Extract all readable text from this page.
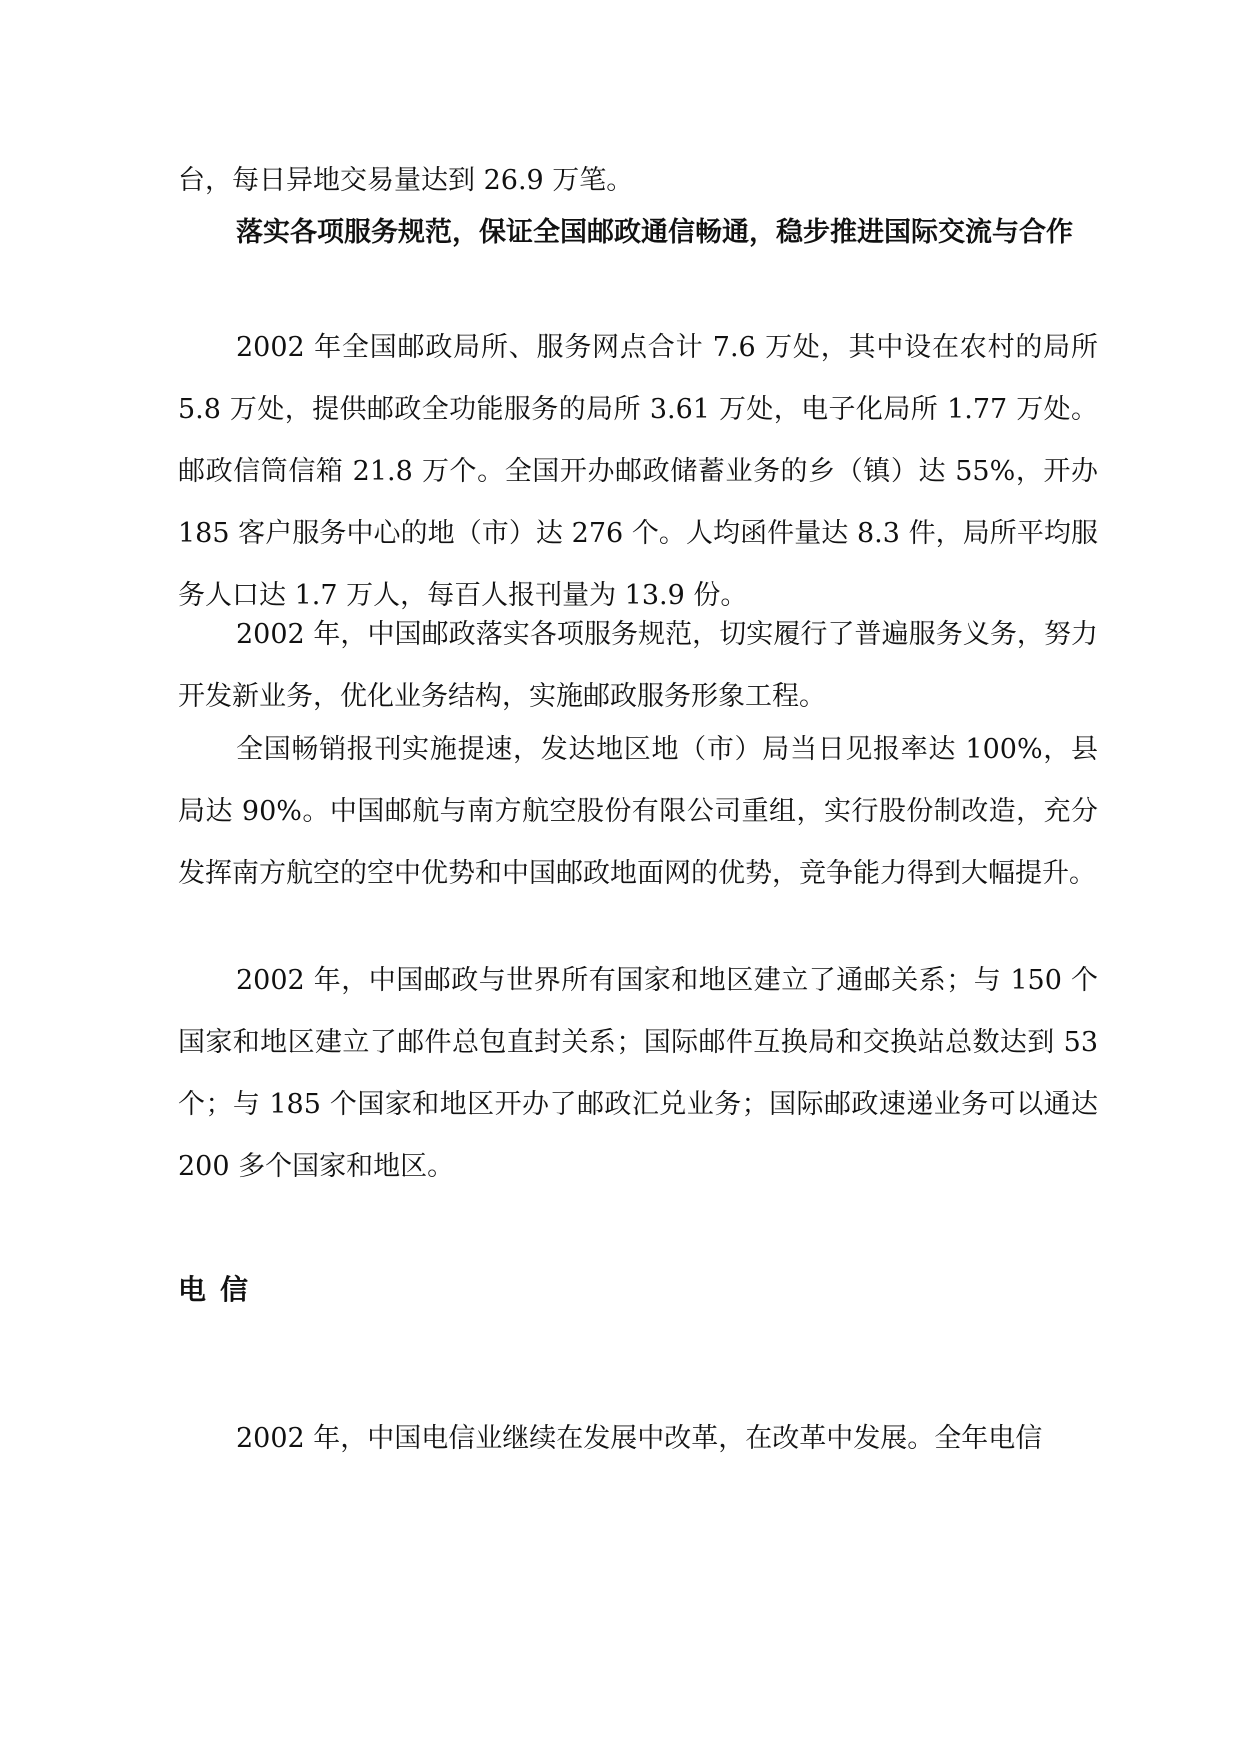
台，每日异地交易量达到 26.9 万笔。

落实各项服务规范，保证全国邮政通信畅通，稳步推进国际交流与合作

2002 年全国邮政局所、服务网点合计 7.6 万处，其中设在农村的局所 5.8 万处，提供邮政全功能服务的局所 3.61 万处，电子化局所 1.77 万处。邮政信筒信箱 21.8 万个。全国开办邮政储蓄业务的乡（镇）达 55%，开办 185 客户服务中心的地（市）达 276 个。人均函件量达 8.3 件，局所平均服务人口达 1.7 万人，每百人报刊量为 13.9 份。

2002 年，中国邮政落实各项服务规范，切实履行了普遍服务义务，努力开发新业务，优化业务结构，实施邮政服务形象工程。

全国畅销报刊实施提速，发达地区地（市）局当日见报率达 100%，县局达 90%。中国邮航与南方航空股份有限公司重组，实行股份制改造，充分发挥南方航空的空中优势和中国邮政地面网的优势，竞争能力得到大幅提升。

2002 年，中国邮政与世界所有国家和地区建立了通邮关系；与 150 个国家和地区建立了邮件总包直封关系；国际邮件互换局和交换站总数达到 53 个；与 185 个国家和地区开办了邮政汇兑业务；国际邮政速递业务可以通达 200 多个国家和地区。

电信

2002 年，中国电信业继续在发展中改革，在改革中发展。全年电信
